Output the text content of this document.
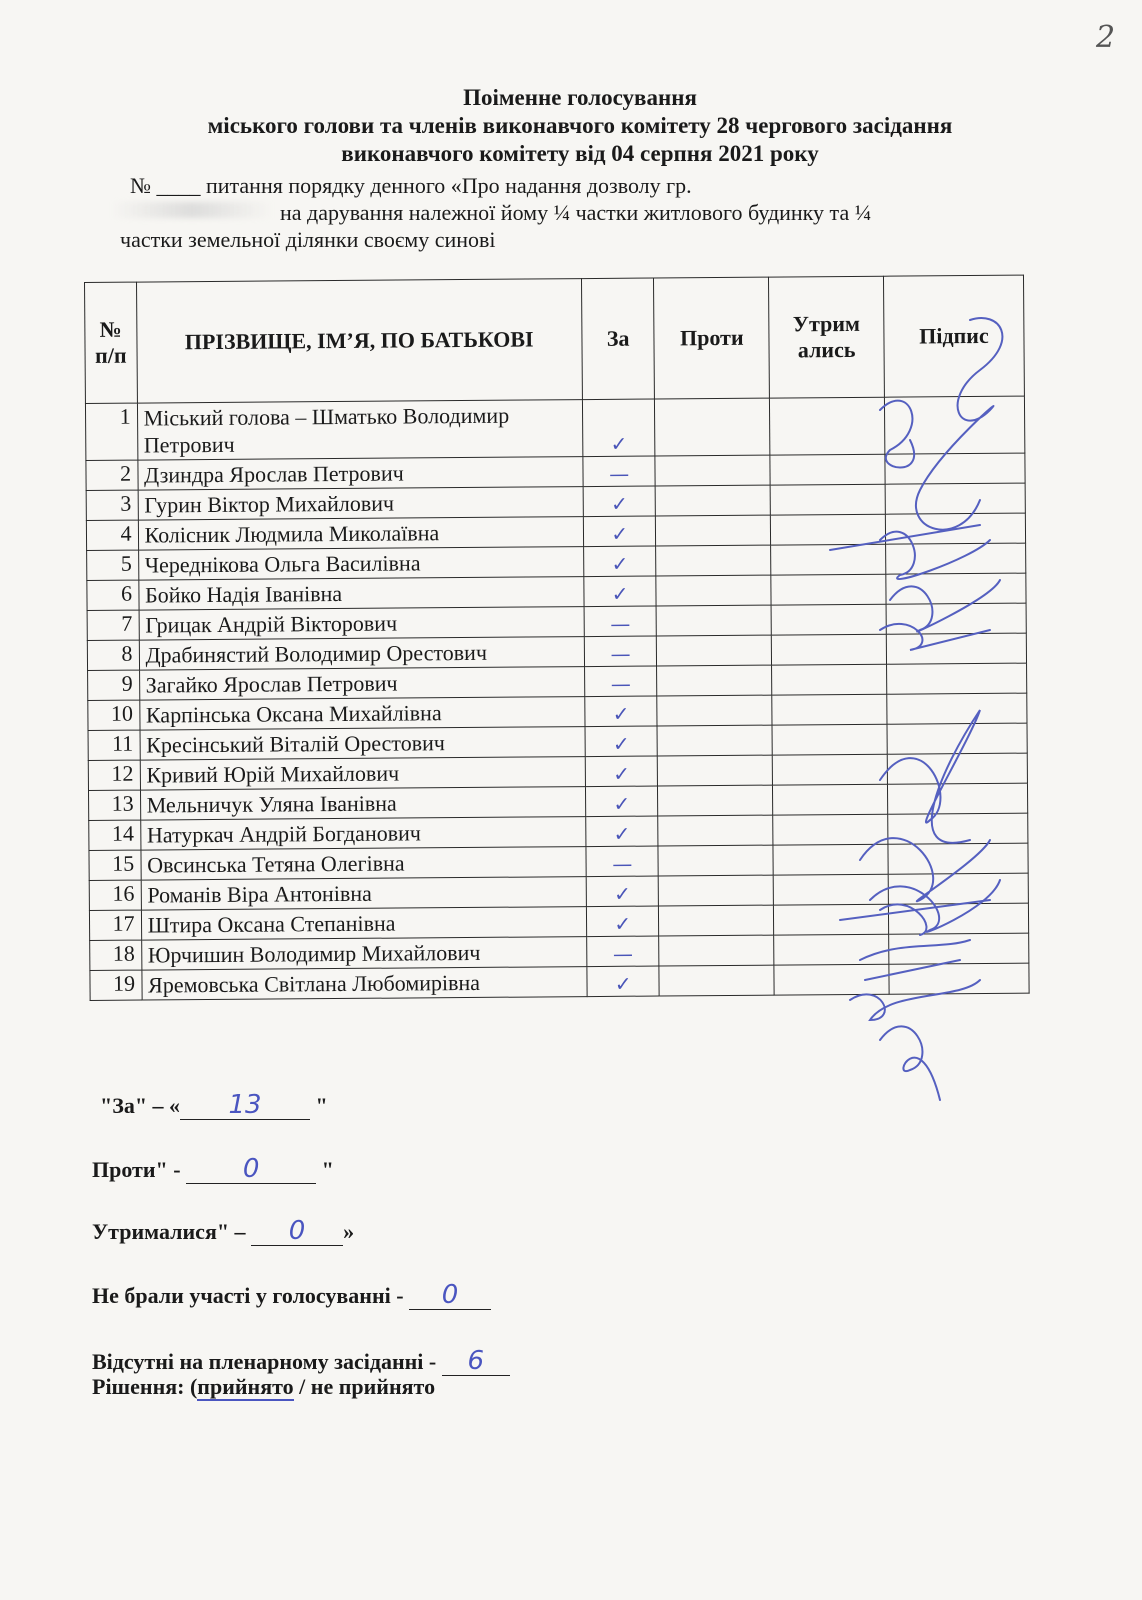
2
Поіменне голосування
міського голови та членів виконавчого комітету 28 чергового засідання
виконавчого комітету від 04 серпня 2021 року
№ ____ питання порядку денного «Про надання дозволу гр.
на дарування належної йому ¼ частки житлового будинку та ¼
частки земельної ділянки своєму синові
№ п/п	ПРІЗВИЩЕ, ІМ’Я, ПО БАТЬКОВІ	За	Проти	Утрим ались	Підпис
1	Міський голова – Шматько Володимир Петрович	✓			
2	Дзиндра Ярослав Петрович	—			
3	Гурин Віктор Михайлович	✓			
4	Колісник Людмила Миколаївна	✓			
5	Череднікова Ольга Василівна	✓			
6	Бойко Надія Іванівна	✓			
7	Грицак Андрій Вікторович	—			
8	Драбинястий Володимир Орестович	—			
9	Загайко Ярослав Петрович	—			
10	Карпінська Оксана Михайлівна	✓			
11	Кресінський Віталій Орестович	✓			
12	Кривий Юрій Михайлович	✓			
13	Мельничук Уляна Іванівна	✓			
14	Натуркач Андрій Богданович	✓			
15	Овсинська Тетяна Олегівна	—			
16	Романів Віра Антонівна	✓			
17	Штира Оксана Степанівна	✓			
18	Юрчишин Володимир Михайлович	—			
19	Яремовська Світлана Любомирівна	✓			
"За" – « 13 "
Проти" - 0	"
Утрималися" – 0 »
Не брали участі у голосуванні - 0
Відсутні на пленарному засіданні - 6
Рішення: (прийнято / не прийнято
